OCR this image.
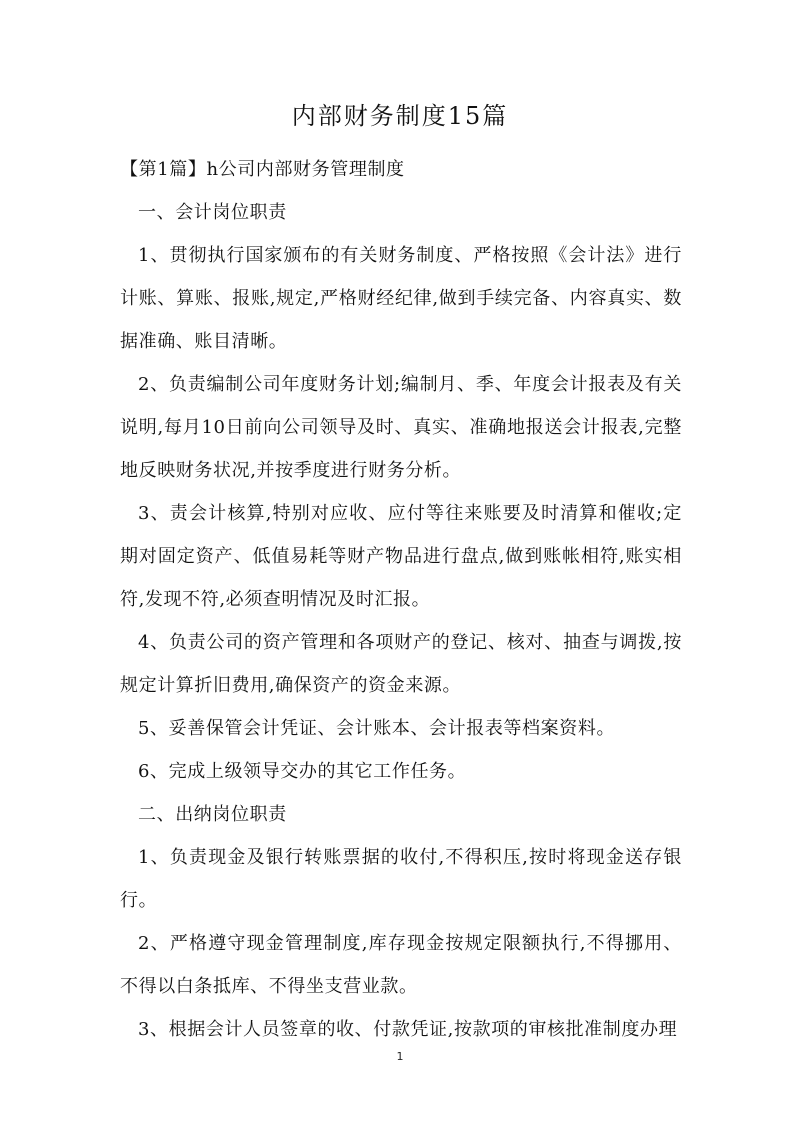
内部财务制度15篇

【第1篇】h公司内部财务管理制度

一、会计岗位职责

1、贯彻执行国家颁布的有关财务制度、严格按照《会计法》进行计账、算账、报账,规定,严格财经纪律,做到手续完备、内容真实、数据准确、账目清晰。

2、负责编制公司年度财务计划;编制月、季、年度会计报表及有关说明,每月10日前向公司领导及时、真实、准确地报送会计报表,完整地反映财务状况,并按季度进行财务分析。

3、责会计核算,特别对应收、应付等往来账要及时清算和催收;定期对固定资产、低值易耗等财产物品进行盘点,做到账帐相符,账实相符,发现不符,必须查明情况及时汇报。

4、负责公司的资产管理和各项财产的登记、核对、抽查与调拨,按规定计算折旧费用,确保资产的资金来源。

5、妥善保管会计凭证、会计账本、会计报表等档案资料。

6、完成上级领导交办的其它工作任务。

二、出纳岗位职责

1、负责现金及银行转账票据的收付,不得积压,按时将现金送存银行。

2、严格遵守现金管理制度,库存现金按规定限额执行,不得挪用、不得以白条抵库、不得坐支营业款。

3、根据会计人员签章的收、付款凭证,按款项的审核批准制度办理

1
